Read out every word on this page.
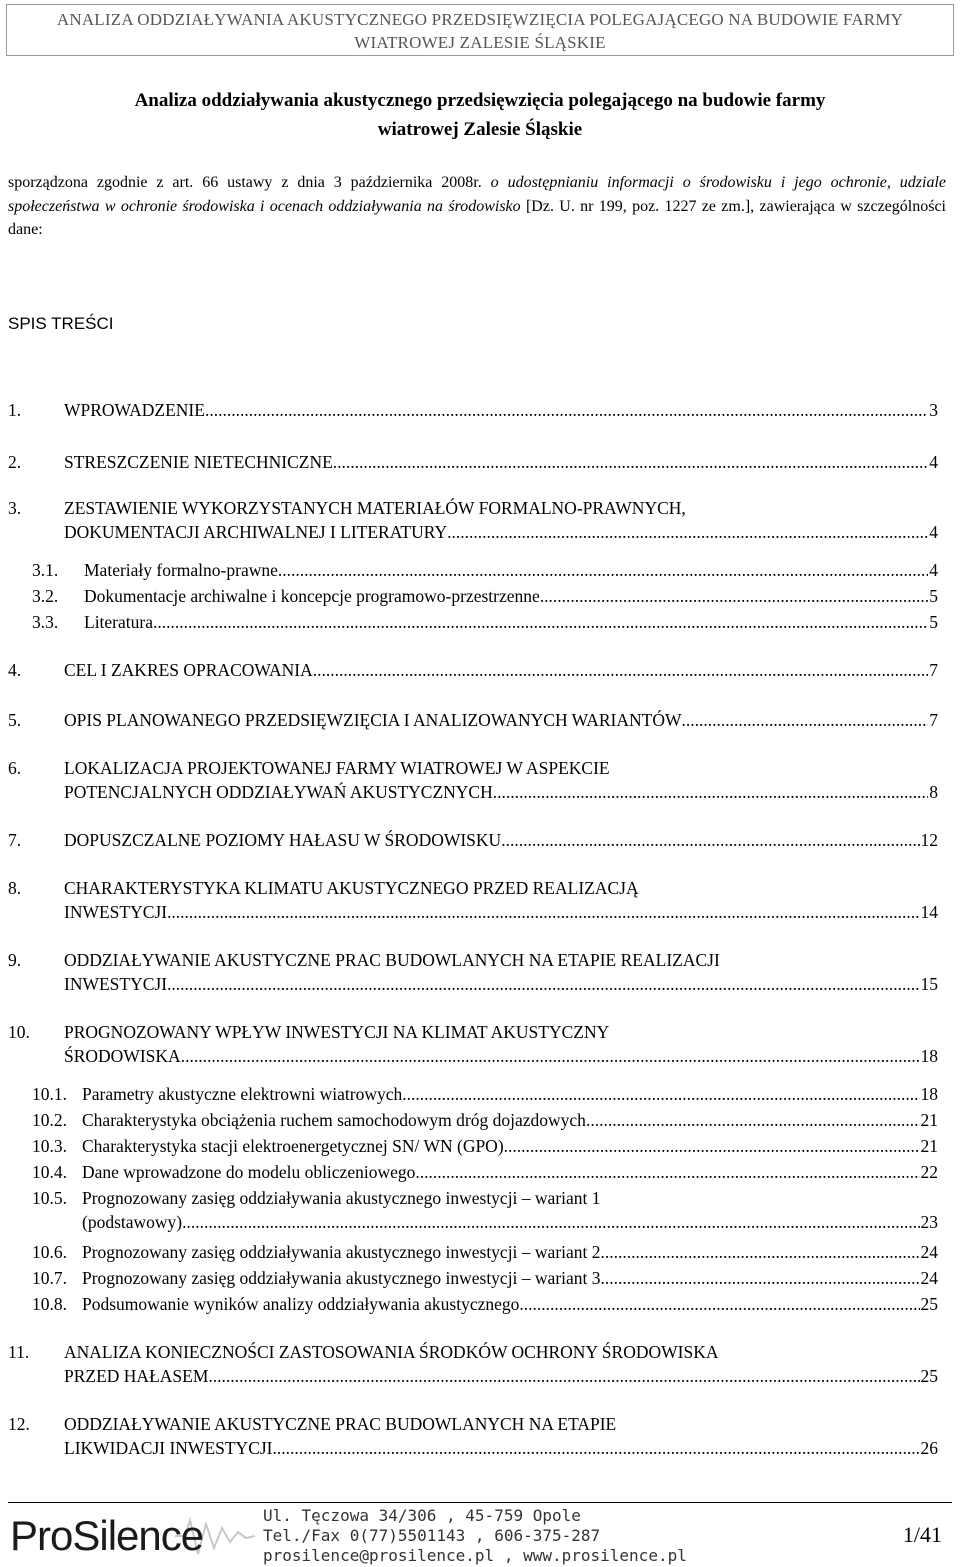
ANALIZA ODDZIAŁYWANIA AKUSTYCZNEGO PRZEDSIĘWZIĘCIA POLEGAJĄCEGO NA BUDOWIE FARMY
WIATROWEJ ZALESIE ŚLĄSKIE
Analiza oddziaływania akustycznego przedsięwzięcia polegającego na budowie farmy
wiatrowej Zalesie Śląskie

sporządzona zgodnie z art. 66 ustawy z dnia 3 października 2008r. o udostępnianiu informacji o środowisku i jego ochronie, udziale społeczeństwa w ochronie środowiska i ocenach oddziaływania na środowisko [Dz. U. nr 199, poz. 1227 ze zm.], zawierająca w szczególności dane:

SPIS TREŚCI
1. WPROWADZENIE .....	3
2. STRESZCZENIE NIETECHNICZNE .....	4
3. ZESTAWIENIE WYKORZYSTANYCH MATERIAŁÓW FORMALNO-PRAWNYCH,
DOKUMENTACJI ARCHIWALNEJ I LITERATURY .....	4
3.1. Materiały formalno-prawne .....	4
3.2. Dokumentacje archiwalne i koncepcje programowo-przestrzenne .....	5
3.3. Literatura .....	5
4. CEL I ZAKRES OPRACOWANIA .....	7
5. OPIS PLANOWANEGO PRZEDSIĘWZIĘCIA I ANALIZOWANYCH WARIANTÓW .....	7
6. LOKALIZACJA PROJEKTOWANEJ FARMY WIATROWEJ W ASPEKCIE
POTENCJALNYCH ODDZIAŁYWAŃ AKUSTYCZNYCH .....	8
7. DOPUSZCZALNE POZIOMY HAŁASU W ŚRODOWISKU .....	12
8. CHARAKTERYSTYKA KLIMATU AKUSTYCZNEGO PRZED REALIZACJĄ
INWESTYCJI .....	14
9. ODDZIAŁYWANIE AKUSTYCZNE PRAC BUDOWLANYCH NA ETAPIE REALIZACJI
INWESTYCJI .....	15
10. PROGNOZOWANY WPŁYW INWESTYCJI NA KLIMAT AKUSTYCZNY
ŚRODOWISKA .....	18
10.1. Parametry akustyczne elektrowni wiatrowych .....	18
10.2. Charakterystyka obciążenia ruchem samochodowym dróg dojazdowych .....	21
10.3. Charakterystyka stacji elektroenergetycznej SN/ WN (GPO) .....	21
10.4. Dane wprowadzone do modelu obliczeniowego .....	22
10.5. Prognozowany zasięg oddziaływania akustycznego inwestycji – wariant 1
(podstawowy) .....	23
10.6. Prognozowany zasięg oddziaływania akustycznego inwestycji – wariant 2 .....	24
10.7. Prognozowany zasięg oddziaływania akustycznego inwestycji – wariant 3 .....	24
10.8. Podsumowanie wyników analizy oddziaływania akustycznego .....	25
11. ANALIZA KONIECZNOŚCI ZASTOSOWANIA ŚRODKÓW OCHRONY ŚRODOWISKA
PRZED HAŁASEM .....	25
12. ODDZIAŁYWANIE AKUSTYCZNE PRAC BUDOWLANYCH NA ETAPIE
LIKWIDACJI INWESTYCJI .....	26
ProSilence	Ul. Tęczowa 34/306 , 45-759 Opole
Tel./Fax 0(77)5501143 , 606-375-287
prosilence@prosilence.pl , www.prosilence.pl
1/41
